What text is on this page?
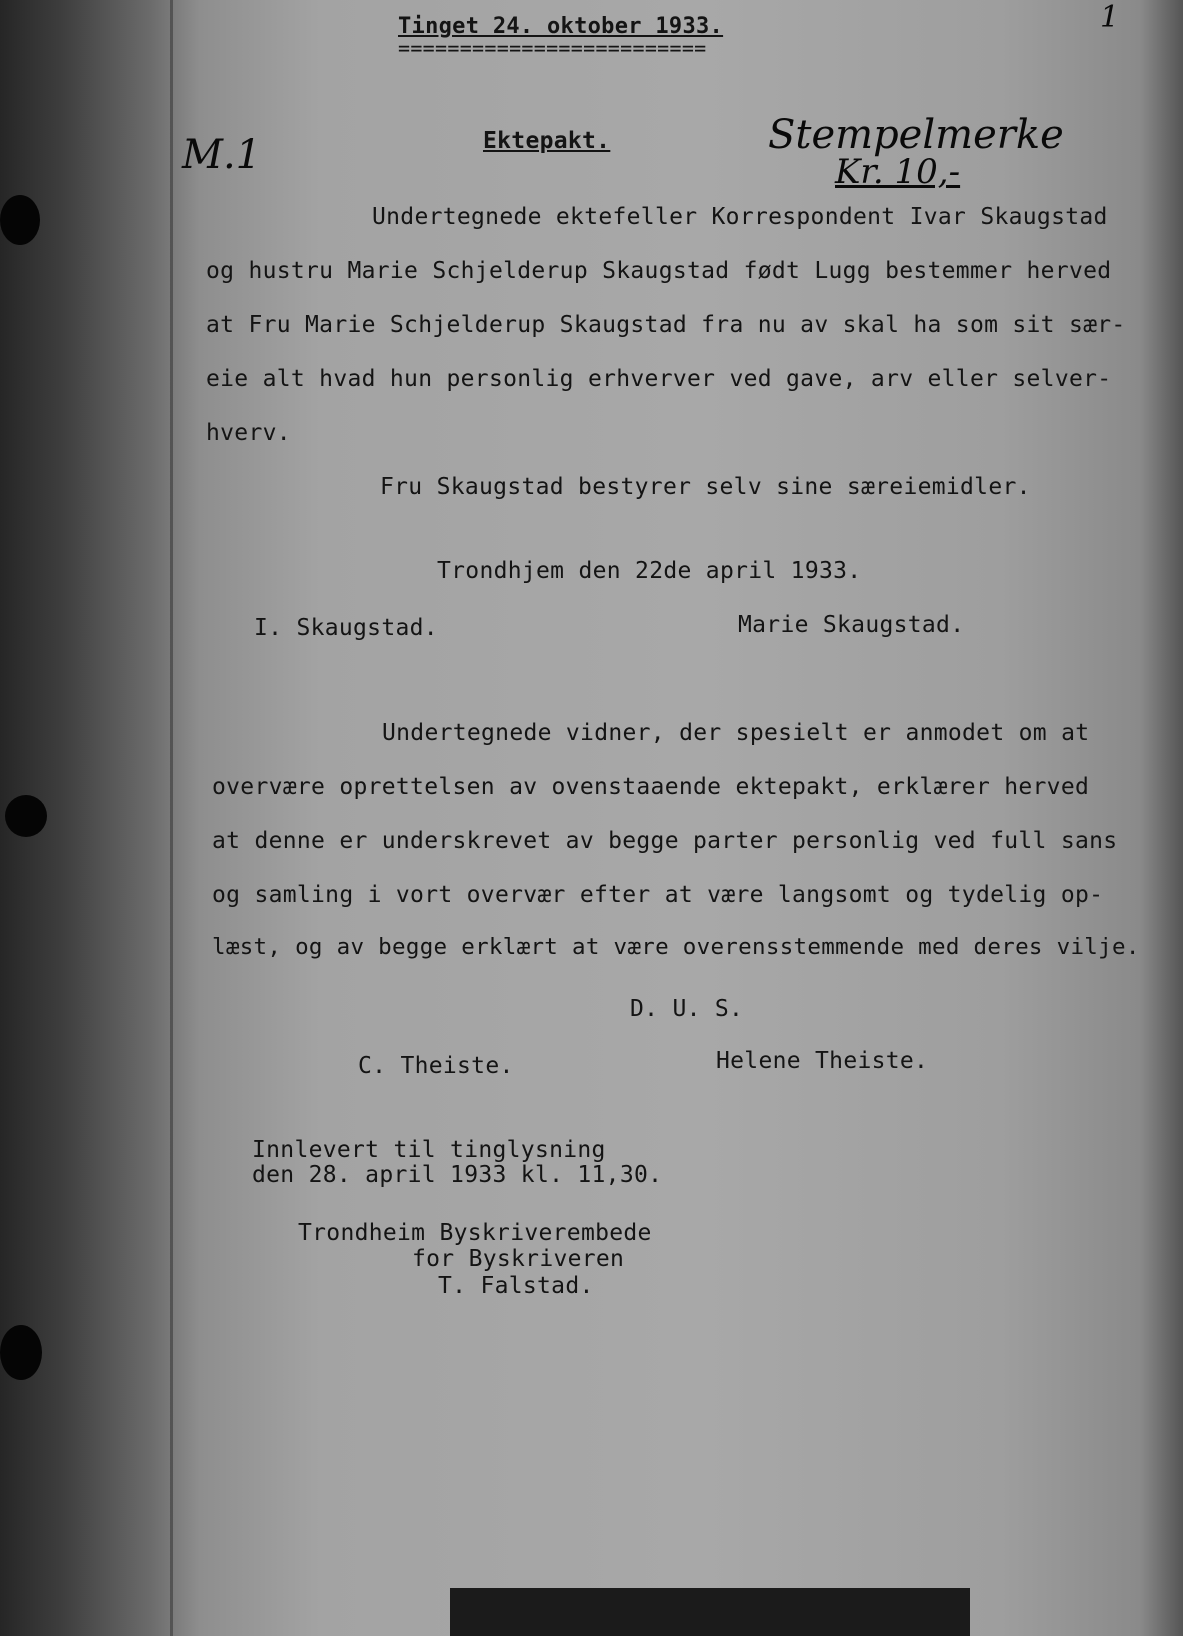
Tinget 24. oktober 1933.
=========================
1
M.1	Ektepakt.	Stempelmerke
Kr. 10,-
Undertegnede ektefeller Korrespondent Ivar Skaugstad
og hustru Marie Schjelderup Skaugstad født Lugg bestemmer herved
at Fru Marie Schjelderup Skaugstad fra nu av skal ha som sit sær-
eie alt hvad hun personlig erhverver ved gave, arv eller selver-
hverv.
Fru Skaugstad bestyrer selv sine særeiemidler.
Trondhjem den 22de april 1933.
I. Skaugstad.	Marie Skaugstad.
Undertegnede vidner, der spesielt er anmodet om at
overvære oprettelsen av ovenstaaende ektepakt, erklærer herved
at denne er underskrevet av begge parter personlig ved full sans
og samling i vort overvær efter at være langsomt og tydelig op-
læst, og av begge erklært at være overensstemmende med deres vilje.
D. U. S.
C. Theiste.	Helene Theiste.
Innlevert til tinglysning
den 28. april 1933 kl. 11,30.
Trondheim Byskriverembede
for Byskriveren
T. Falstad.
